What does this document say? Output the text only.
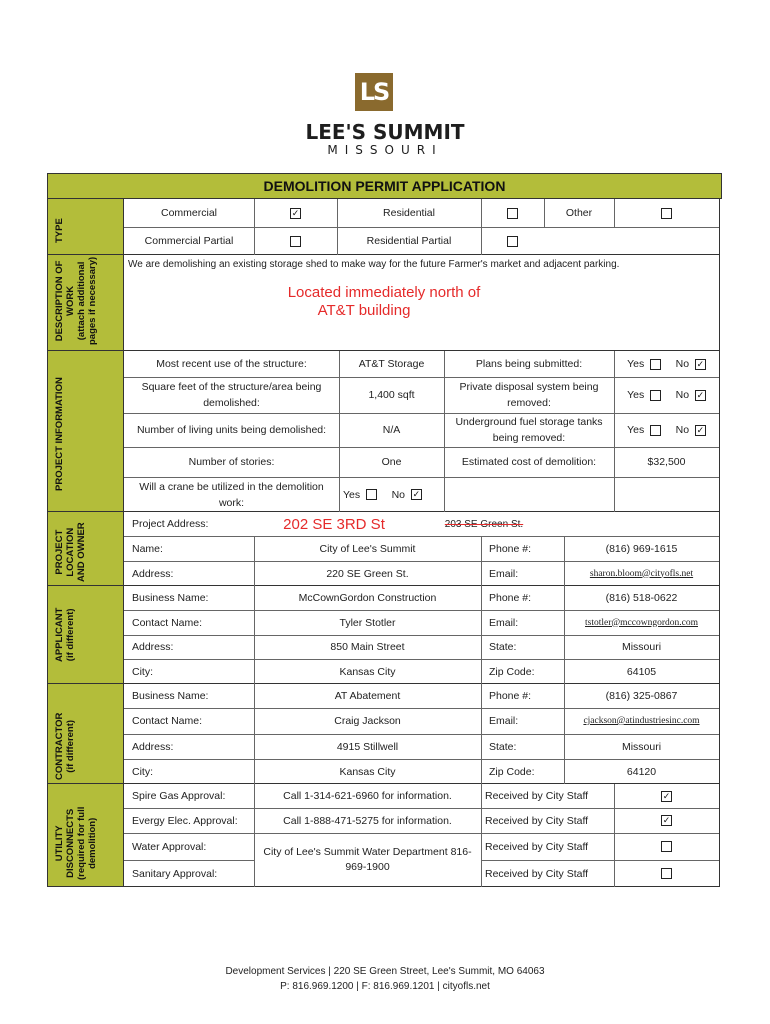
LS
LEE'S SUMMIT
MISSOURI
DEMOLITION PERMIT APPLICATION
TYPE
DESCRIPTION OF
WORK
(attach additional
pages if necessary)
PROJECT INFORMATION
PROJECT
LOCATION
AND OWNER
APPLICANT
(if different)
CONTRACTOR
(if different)
UTILITY
DISCONNECTS
(required for full
demolition)
Commercial
✓	Residential	Other
Commercial Partial	Residential Partial
We are demolishing an existing storage shed to make way for the future Farmer's market and adjacent parking.
Located immediately north of
AT&T building
Most recent use of the structure:	AT&T Storage	Plans being submitted:	Yes

	No

✓
Square feet of the structure/area being demolished:
1,400 sqft
Private disposal system being removed:
Yes

	No

✓
Number of living units being demolished:	N/A
Underground fuel storage tanks being removed:
Yes

	No

✓
Number of stories:	One	Estimated cost of demolition:	$32,500
Will a crane be utilized in the demolition work:
Yes

	No

✓
Project Address:	202 SE 3RD St	203 SE Green St.
Name:	City of Lee's Summit	Phone #:	(816) 969-1615
Address:	220 SE Green St.	Email:	sharon.bloom@cityofls.net
Business Name:	McCownGordon Construction	Phone #:	(816) 518-0622
Contact Name:	Tyler Stotler	Email:	tstotler@mccowngordon.com
Address:	850 Main Street	State:	Missouri
City:	Kansas City	Zip Code:	64105
Business Name:	AT Abatement	Phone #:	(816) 325-0867
Contact Name:	Craig Jackson	Email:	cjackson@atindustriesinc.com
Address:	4915 Stillwell	State:	Missouri
City:	Kansas City	Zip Code:	64120
Spire Gas Approval:	Call 1-314-621-6960 for information.	Received by City Staff
✓
Evergy Elec. Approval:	Call 1-888-471-5275 for information.	Received by City Staff
✓
Water Approval:	City of Lee's Summit Water Department 816-969-1900
Received by City Staff
Sanitary Approval:	Received by City Staff
Development Services | 220 SE Green Street, Lee's Summit, MO 64063
P: 816.969.1200 | F: 816.969.1201 | cityofls.net
